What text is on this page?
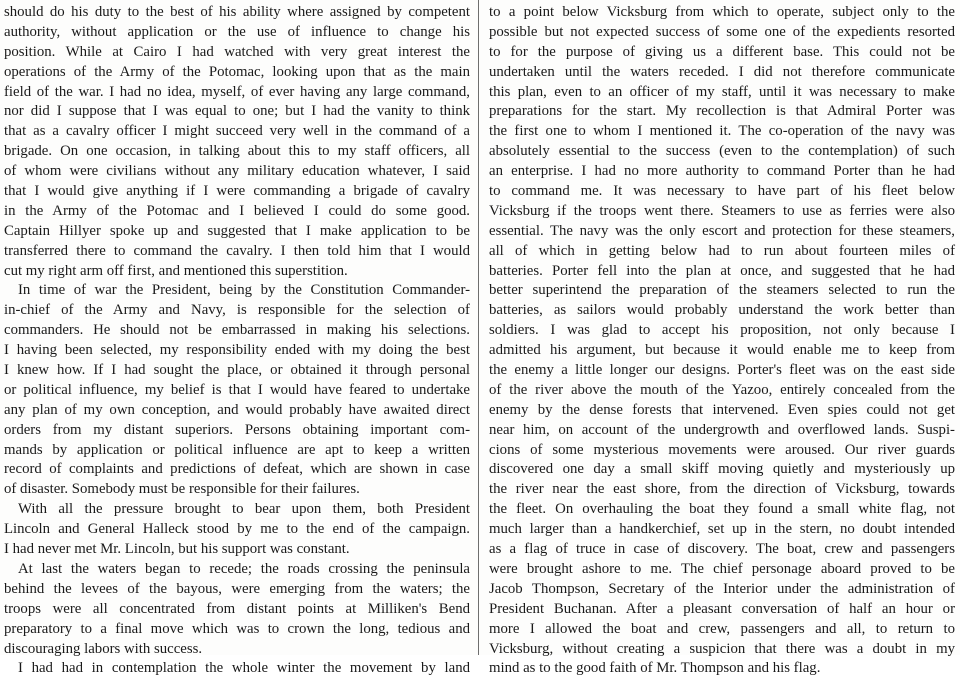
should do his duty to the best of his ability where assigned by competent
authority, without application or the use of influence to change his
position. While at Cairo I had watched with very great interest the
operations of the Army of the Potomac, looking upon that as the main
field of the war. I had no idea, myself, of ever having any large command,
nor did I suppose that I was equal to one; but I had the vanity to think
that as a cavalry officer I might succeed very well in the command of a
brigade. On one occasion, in talking about this to my staff officers, all
of whom were civilians without any military education whatever, I said
that I would give anything if I were commanding a brigade of cavalry
in the Army of the Potomac and I believed I could do some good.
Captain Hillyer spoke up and suggested that I make application to be
transferred there to command the cavalry. I then told him that I would
cut my right arm off first, and mentioned this superstition.
In time of war the President, being by the Constitution Commander-
in-chief of the Army and Navy, is responsible for the selection of
commanders. He should not be embarrassed in making his selections.
I having been selected, my responsibility ended with my doing the best
I knew how. If I had sought the place, or obtained it through personal
or political influence, my belief is that I would have feared to undertake
any plan of my own conception, and would probably have awaited direct
orders from my distant superiors. Persons obtaining important com-
mands by application or political influence are apt to keep a written
record of complaints and predictions of defeat, which are shown in case
of disaster. Somebody must be responsible for their failures.
With all the pressure brought to bear upon them, both President
Lincoln and General Halleck stood by me to the end of the campaign.
I had never met Mr. Lincoln, but his support was constant.
At last the waters began to recede; the roads crossing the peninsula
behind the levees of the bayous, were emerging from the waters; the
troops were all concentrated from distant points at Milliken's Bend
preparatory to a final move which was to crown the long, tedious and
discouraging labors with success.
I had had in contemplation the whole winter the movement by land
to a point below Vicksburg from which to operate, subject only to the
possible but not expected success of some one of the expedients resorted
to for the purpose of giving us a different base. This could not be
undertaken until the waters receded. I did not therefore communicate
this plan, even to an officer of my staff, until it was necessary to make
preparations for the start. My recollection is that Admiral Porter was
the first one to whom I mentioned it. The co-operation of the navy was
absolutely essential to the success (even to the contemplation) of such
an enterprise. I had no more authority to command Porter than he had
to command me. It was necessary to have part of his fleet below
Vicksburg if the troops went there. Steamers to use as ferries were also
essential. The navy was the only escort and protection for these steamers,
all of which in getting below had to run about fourteen miles of
batteries. Porter fell into the plan at once, and suggested that he had
better superintend the preparation of the steamers selected to run the
batteries, as sailors would probably understand the work better than
soldiers. I was glad to accept his proposition, not only because I
admitted his argument, but because it would enable me to keep from
the enemy a little longer our designs. Porter's fleet was on the east side
of the river above the mouth of the Yazoo, entirely concealed from the
enemy by the dense forests that intervened. Even spies could not get
near him, on account of the undergrowth and overflowed lands. Suspi-
cions of some mysterious movements were aroused. Our river guards
discovered one day a small skiff moving quietly and mysteriously up
the river near the east shore, from the direction of Vicksburg, towards
the fleet. On overhauling the boat they found a small white flag, not
much larger than a handkerchief, set up in the stern, no doubt intended
as a flag of truce in case of discovery. The boat, crew and passengers
were brought ashore to me. The chief personage aboard proved to be
Jacob Thompson, Secretary of the Interior under the administration of
President Buchanan. After a pleasant conversation of half an hour or
more I allowed the boat and crew, passengers and all, to return to
Vicksburg, without creating a suspicion that there was a doubt in my
mind as to the good faith of Mr. Thompson and his flag.
